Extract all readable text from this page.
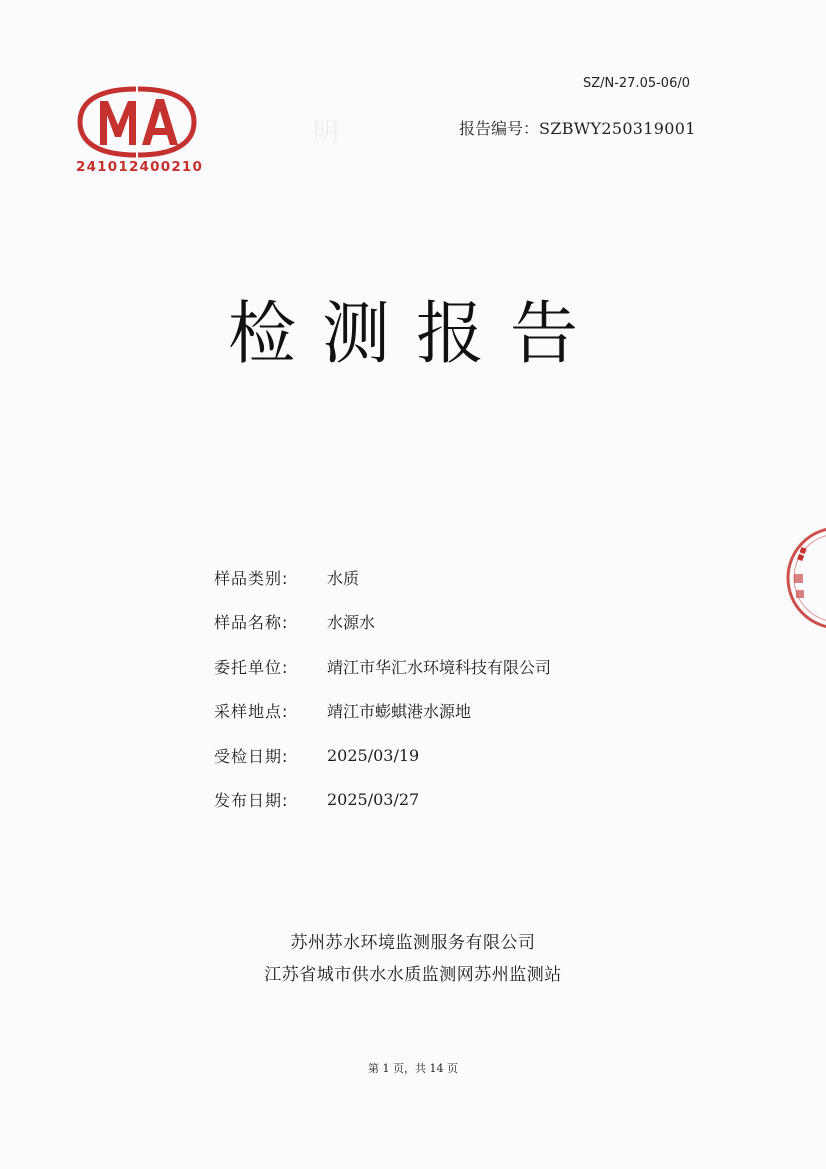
SZ/N-27.05-06/0
241012400210
明	报告编号：SZBWY250319001
检测报告
样品类别:	水质
样品名称:	水源水
委托单位:	靖江市华汇水环境科技有限公司
采样地点:	靖江市蟛蜞港水源地
受检日期:	2025/03/19
发布日期:	2025/03/27
苏州苏水环境监测服务有限公司
江苏省城市供水水质监测网苏州监测站
第 1 页，共 14 页
▪▪
